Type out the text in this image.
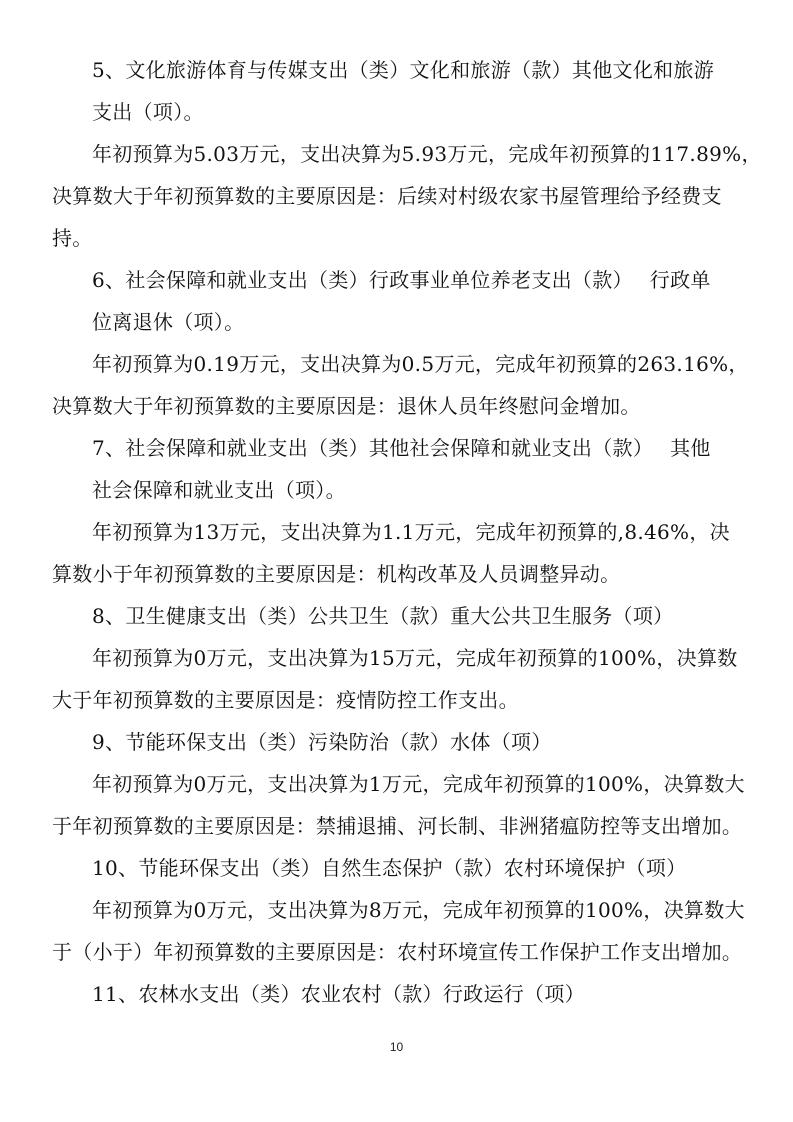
5、文化旅游体育与传媒支出（类）文化和旅游（款）其他文化和旅游
支出（项）。
年初预算为5.03万元，支出决算为5.93万元，完成年初预算的117.89%，
决算数大于年初预算数的主要原因是：后续对村级农家书屋管理给予经费支
持。
6、社会保障和就业支出（类）行政事业单位养老支出（款）　 行政单
位离退休（项）。
年初预算为0.19万元，支出决算为0.5万元，完成年初预算的263.16%，
决算数大于年初预算数的主要原因是：退休人员年终慰问金增加。
7、社会保障和就业支出（类）其他社会保障和就业支出（款）　 其他
社会保障和就业支出（项）。
年初预算为13万元，支出决算为1.1万元，完成年初预算的,8.46%，决
算数小于年初预算数的主要原因是：机构改革及人员调整异动。
8、卫生健康支出（类）公共卫生（款）重大公共卫生服务（项）
年初预算为0万元，支出决算为15万元，完成年初预算的100%，决算数
大于年初预算数的主要原因是：疫情防控工作支出。
9、节能环保支出（类）污染防治（款）水体（项）
年初预算为0万元，支出决算为1万元，完成年初预算的100%，决算数大
于年初预算数的主要原因是：禁捕退捕、河长制、非洲猪瘟防控等支出增加。
10、节能环保支出（类）自然生态保护（款）农村环境保护（项）
年初预算为0万元，支出决算为8万元，完成年初预算的100%，决算数大
于（小于）年初预算数的主要原因是：农村环境宣传工作保护工作支出增加。
11、农林水支出（类）农业农村（款）行政运行（项）
10
